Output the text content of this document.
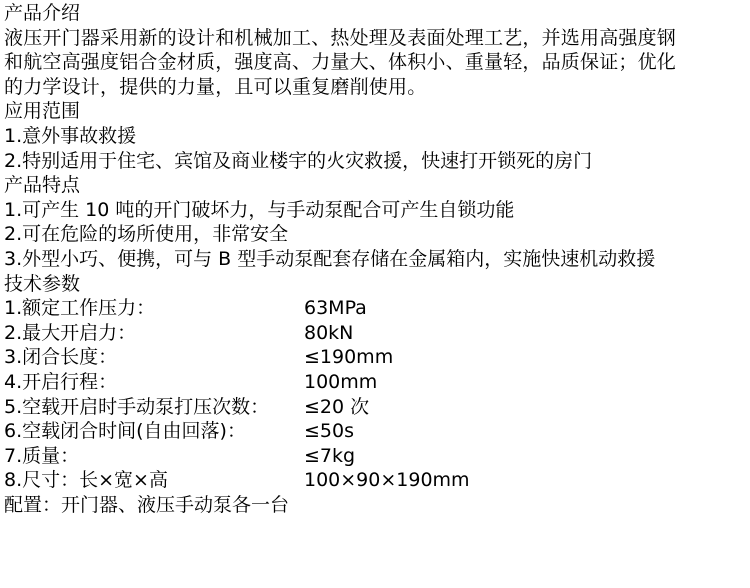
产品介绍
液压开门器采用新的设计和机械加工、热处理及表面处理工艺，并选用高强度钢
和航空高强度铝合金材质，强度高、力量大、体积小、重量轻，品质保证；优化
的力学设计，提供的力量，且可以重复磨削使用。
应用范围
1.意外事故救援
2.特别适用于住宅、宾馆及商业楼宇的火灾救援，快速打开锁死的房门
产品特点
1.可产生 10 吨的开门破坏力，与手动泵配合可产生自锁功能
2.可在危险的场所使用，非常安全
3.外型小巧、便携，可与 B 型手动泵配套存储在金属箱内，实施快速机动救援
技术参数
1.额定工作压力：	63MPa
2.最大开启力：	80kN
3.闭合长度：	≤190mm
4.开启行程：	100mm
5.空载开启时手动泵打压次数：	≤20 次
6.空载闭合时间(自由回落)：	≤50s
7.质量：	≤7kg
8.尺寸：长×宽×高	100×90×190mm
配置：开门器、液压手动泵各一台
